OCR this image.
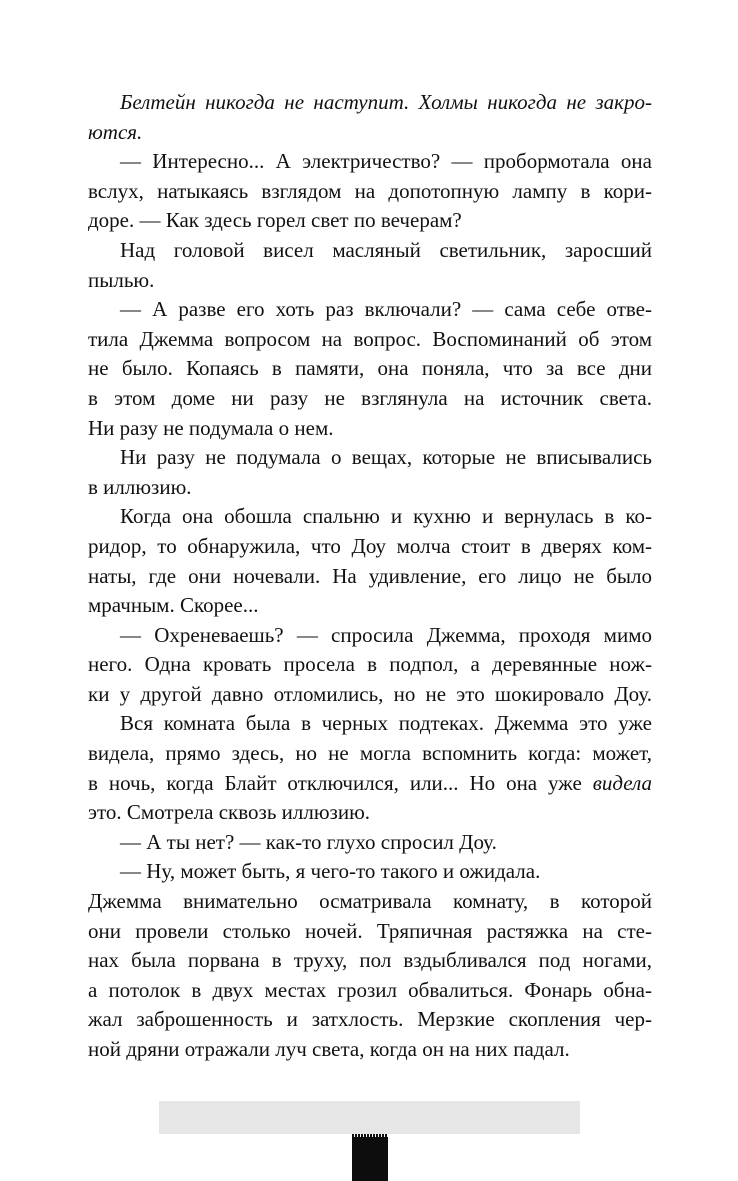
Белтейн никогда не наступит. Холмы никогда не закро-
ются.
— Интересно... А электричество? — пробормотала она
вслух, натыкаясь взглядом на допотопную лампу в кори-
доре. — Как здесь горел свет по вечерам?
Над головой висел масляный светильник, заросший
пылью.
— А разве его хоть раз включали? — сама себе отве-
тила Джемма вопросом на вопрос. Воспоминаний об этом
не было. Копаясь в памяти, она поняла, что за все дни
в этом доме ни разу не взглянула на источник света.
Ни разу не подумала о нем.
Ни разу не подумала о вещах, которые не вписывались
в иллюзию.
Когда она обошла спальню и кухню и вернулась в ко-
ридор, то обнаружила, что Доу молча стоит в дверях ком-
наты, где они ночевали. На удивление, его лицо не было
мрачным. Скорее...
— Охреневаешь? — спросила Джемма, проходя мимо
него. Одна кровать просела в подпол, а деревянные нож-
ки у другой давно отломились, но не это шокировало Доу.
Вся комната была в черных подтеках. Джемма это уже
видела, прямо здесь, но не могла вспомнить когда: может,
в ночь, когда Блайт отключился, или... Но она уже видела
это. Смотрела сквозь иллюзию.
— А ты нет? — как-то глухо спросил Доу.
— Ну, может быть, я чего-то такого и ожидала.
Джемма внимательно осматривала комнату, в которой
они провели столько ночей. Тряпичная растяжка на сте-
нах была порвана в труху, пол вздыбливался под ногами,
а потолок в двух местах грозил обвалиться. Фонарь обна-
жал заброшенность и затхлость. Мерзкие скопления чер-
ной дряни отражали луч света, когда он на них падал.
